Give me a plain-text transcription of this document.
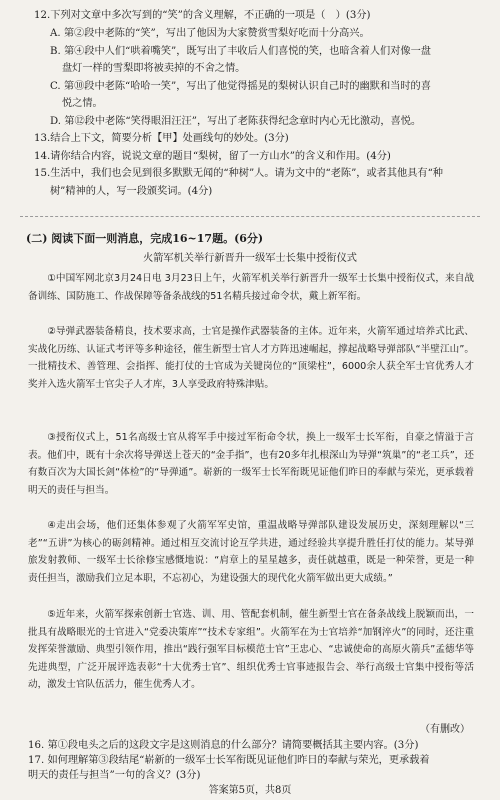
12.下列对文章中多次写到的“笑”的含义理解，不正确的一项是（　）(3分)
A. 第②段中老陈的“笑”，写出了他因为大家赞赏雪梨好吃而十分高兴。
B. 第④段中人们“哄着嘴笑”，既写出了丰收后人们喜悦的笑，也暗含着人们对像一盘
盘灯一样的雪梨即将被卖掉的不舍之情。
C. 第⑩段中老陈“哈哈一笑”，写出了他觉得摇晃的梨树认识自己时的幽默和当时的喜
悦之情。
D. 第⑫段中老陈“笑得眼泪汪汪”，写出了老陈获得纪念章时内心无比激动，喜悦。
13.结合上下文，简要分析【甲】处画线句的妙处。(3分)
14.请你结合内容，说说文章的题目“梨树，留了一方山水”的含义和作用。(4分)
15.生活中，我们也会见到很多默默无闻的“种树”人。请为文中的“老陈”，或者其他具有“种
树”精神的人，写一段颁奖词。(4分)
(二) 阅读下面一则消息，完成16~17题。(6分)
火箭军机关举行新晋升一级军士长集中授衔仪式
①中国军网北京3月24日电 3月23日上午，火箭军机关举行新晋升一级军士长集中授衔仪式，来自战备训练、国防施工、作战保障等备条战线的51名精兵接过命令状，戴上新军衔。
②导弹武器装备精良，技术要求高，士官是操作武器装备的主体。近年来，火箭军通过培养式比武、实战化历练、认证式考评等多种途径，催生新型士官人才方阵迅速崛起，撑起战略导弹部队“半壁江山”。一批精技术、善管理、会指挥、能打仗的士官成为关键岗位的“顶梁柱”，6000余人获全军士官优秀人才奖并入选火箭军士官尖子人才库，3人享受政府特殊津贴。
③授衔仪式上，51名高级士官从将军手中接过军衔命令状，换上一级军士长军衔，自豪之情溢于言表。他们中，既有十余次将导弹送上苍天的“金手指”，也有20多年扎根深山为导弹“筑巢”的“老工兵”，还有数百次为大国长剑“体检”的“导弹通”。崭新的一级军士长军衔既见证他们昨日的奉献与荣光，更承载着明天的责任与担当。
④走出会场，他们还集体参观了火箭军军史馆，重温战略导弹部队建设发展历史，深刻理解以“三老”“五讲”为核心的砺剑精神。通过相互交流讨论互学共进，通过经验共享提升胜任打仗的能力。某导弹旅发射教师、一级军士长徐修宝感慨地说：“肩章上的星星越多，责任就越重，既是一种荣誉，更是一种责任担当，激励我们立足本职，不忘初心，为建设强大的现代化火箭军做出更大成绩。”
⑤近年来，火箭军探索创新士官选、训、用、管配套机制，催生新型士官在备条战线上脱颖而出，一批具有战略眼光的士官进入“党委决策库”“技术专家组”。火箭军在为士官培养“加钢淬火”的同时，还注重发挥荣誉激励、典型引领作用，推出“践行强军目标模范士官”王忠心、“忠诚使命的高原火箭兵”孟德华等先进典型，广泛开展评选表彰“十大优秀士官”、组织优秀士官事迹报告会、举行高级士官集中授衔等活动，激发士官队伍活力，催生优秀人才。
（有删改）
16. 第①段电头之后的这段文字是这则消息的什么部分？请简要概括其主要内容。(3分)
17. 如何理解第③段结尾“崭新的一级军士长军衔既见证他们昨日的奉献与荣光，更承载着
明天的责任与担当”一句的含义？(3分)
答案第5页，共8页
